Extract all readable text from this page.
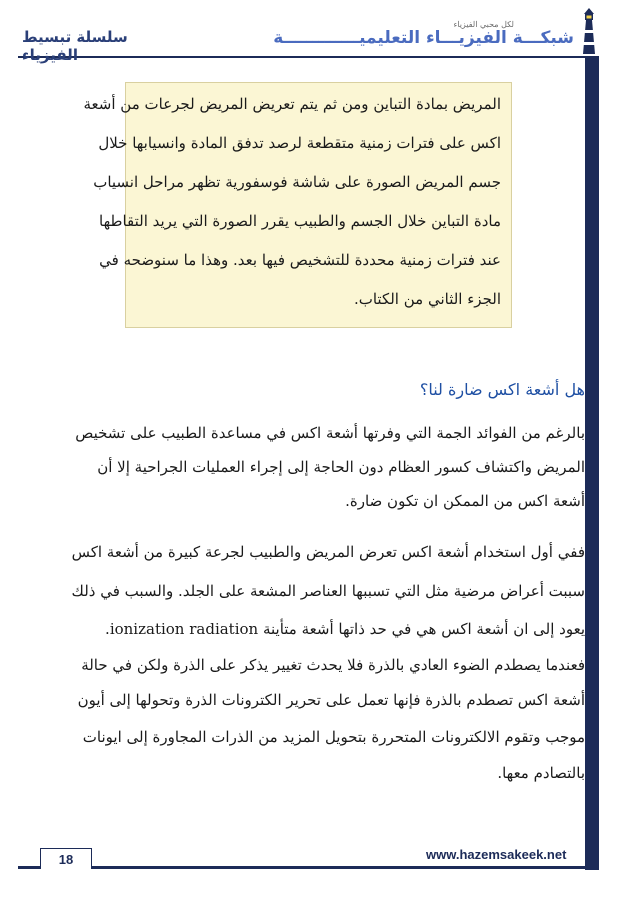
سلسلة تبسيط الفيزياء
لكل محبي الفيزياء
شبكـــة الفيزيـــاء التعليميـــــــــــــة
المريض بمادة التباين ومن ثم يتم تعريض المريض لجرعات من أشعة
اكس على فترات زمنية متقطعة لرصد تدفق المادة وانسيابها خلال
جسم المريض الصورة على شاشة فوسفورية تظهر مراحل انسياب
مادة التباين خلال الجسم والطبيب يقرر الصورة التي يريد التقاطها
عند فترات زمنية محددة للتشخيص فيها بعد. وهذا ما سنوضحه في
الجزء الثاني من الكتاب.
هل أشعة اكس ضارة لنا؟
بالرغم من الفوائد الجمة التي وفرتها أشعة اكس في مساعدة الطبيب على تشخيص
المريض واكتشاف كسور العظام دون الحاجة إلى إجراء العمليات الجراحية إلا أن
أشعة اكس من الممكن ان تكون ضارة.
ففي أول استخدام أشعة اكس تعرض المريض والطبيب لجرعة كبيرة من أشعة اكس
سببت أعراض مرضية مثل التي تسببها العناصر المشعة على الجلد. والسبب في ذلك
يعود إلى ان أشعة اكس هي في حد ذاتها أشعة متأينة ionization radiation.
فعندما يصطدم الضوء العادي بالذرة فلا يحدث تغيير يذكر على الذرة ولكن في حالة
أشعة اكس تصطدم بالذرة فإنها تعمل على تحرير الكترونات الذرة وتحولها إلى أيون
موجب وتقوم الالكترونات المتحررة بتحويل المزيد من الذرات المجاورة إلى ايونات
بالتصادم معها.
www.hazemsakeek.net
18
